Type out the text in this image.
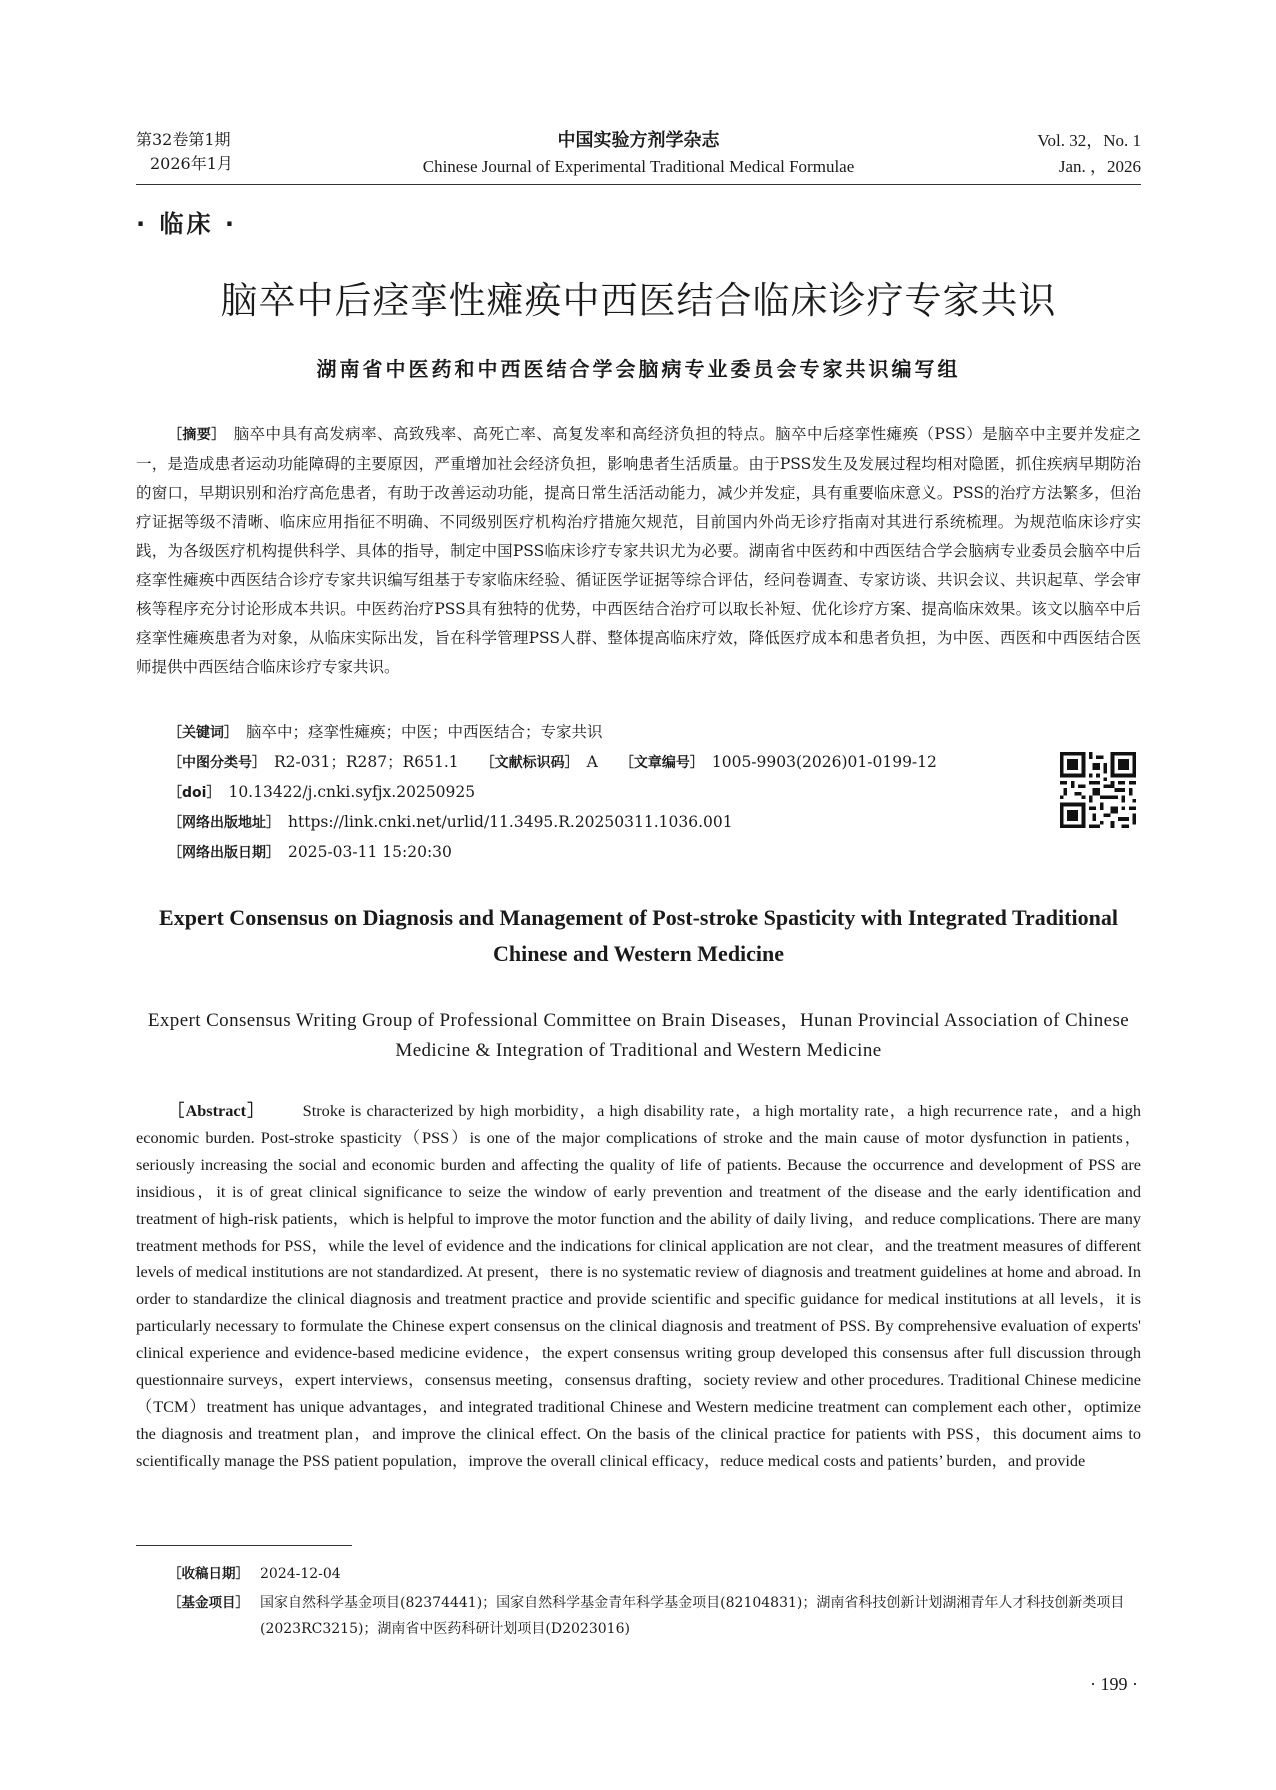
第32卷第1期
2026年1月
中国实验方剂学杂志
Chinese Journal of Experimental Traditional Medical Formulae
Vol. 32，No. 1
Jan. ，2026
· 临床 ·
脑卒中后痉挛性瘫痪中西医结合临床诊疗专家共识
湖南省中医药和中西医结合学会脑病专业委员会专家共识编写组
［摘要］ 脑卒中具有高发病率、高致残率、高死亡率、高复发率和高经济负担的特点。脑卒中后痉挛性瘫痪（PSS）是脑卒中主要并发症之一，是造成患者运动功能障碍的主要原因，严重增加社会经济负担，影响患者生活质量。由于PSS发生及发展过程均相对隐匿，抓住疾病早期防治的窗口，早期识别和治疗高危患者，有助于改善运动功能，提高日常生活活动能力，减少并发症，具有重要临床意义。PSS的治疗方法繁多，但治疗证据等级不清晰、临床应用指征不明确、不同级别医疗机构治疗措施欠规范，目前国内外尚无诊疗指南对其进行系统梳理。为规范临床诊疗实践，为各级医疗机构提供科学、具体的指导，制定中国PSS临床诊疗专家共识尤为必要。湖南省中医药和中西医结合学会脑病专业委员会脑卒中后痉挛性瘫痪中西医结合诊疗专家共识编写组基于专家临床经验、循证医学证据等综合评估，经问卷调查、专家访谈、共识会议、共识起草、学会审核等程序充分讨论形成本共识。中医药治疗PSS具有独特的优势，中西医结合治疗可以取长补短、优化诊疗方案、提高临床效果。该文以脑卒中后痉挛性瘫痪患者为对象，从临床实际出发，旨在科学管理PSS人群、整体提高临床疗效，降低医疗成本和患者负担，为中医、西医和中西医结合医师提供中西医结合临床诊疗专家共识。
［关键词］ 脑卒中；痉挛性瘫痪；中医；中西医结合；专家共识
［中图分类号］ R2-031；R287；R651.1 ［文献标识码］ A ［文章编号］ 1005-9903(2026)01-0199-12
［doi］ 10.13422/j.cnki.syfjx.20250925
［网络出版地址］ https://link.cnki.net/urlid/11.3495.R.20250311.1036.001
［网络出版日期］ 2025-03-11 15:20:30
Expert Consensus on Diagnosis and Management of Post-stroke Spasticity with Integrated Traditional Chinese and Western Medicine
Expert Consensus Writing Group of Professional Committee on Brain Diseases，Hunan Provincial Association of Chinese Medicine & Integration of Traditional and Western Medicine
［Abstract］ Stroke is characterized by high morbidity，a high disability rate，a high mortality rate，a high recurrence rate，and a high economic burden. Post-stroke spasticity（PSS）is one of the major complications of stroke and the main cause of motor dysfunction in patients，seriously increasing the social and economic burden and affecting the quality of life of patients. Because the occurrence and development of PSS are insidious，it is of great clinical significance to seize the window of early prevention and treatment of the disease and the early identification and treatment of high-risk patients，which is helpful to improve the motor function and the ability of daily living，and reduce complications. There are many treatment methods for PSS，while the level of evidence and the indications for clinical application are not clear，and the treatment measures of different levels of medical institutions are not standardized. At present，there is no systematic review of diagnosis and treatment guidelines at home and abroad. In order to standardize the clinical diagnosis and treatment practice and provide scientific and specific guidance for medical institutions at all levels，it is particularly necessary to formulate the Chinese expert consensus on the clinical diagnosis and treatment of PSS. By comprehensive evaluation of experts' clinical experience and evidence-based medicine evidence，the expert consensus writing group developed this consensus after full discussion through questionnaire surveys，expert interviews，consensus meeting，consensus drafting，society review and other procedures. Traditional Chinese medicine（TCM）treatment has unique advantages，and integrated traditional Chinese and Western medicine treatment can complement each other，optimize the diagnosis and treatment plan，and improve the clinical effect. On the basis of the clinical practice for patients with PSS，this document aims to scientifically manage the PSS patient population，improve the overall clinical efficacy，reduce medical costs and patients’ burden，and provide
［收稿日期］ 2024-12-04
［基金项目］ 国家自然科学基金项目(82374441)；国家自然科学基金青年科学基金项目(82104831)；湖南省科技创新计划湖湘青年人才科技创新类项目(2023RC3215)；湖南省中医药科研计划项目(D2023016)
· 199 ·
